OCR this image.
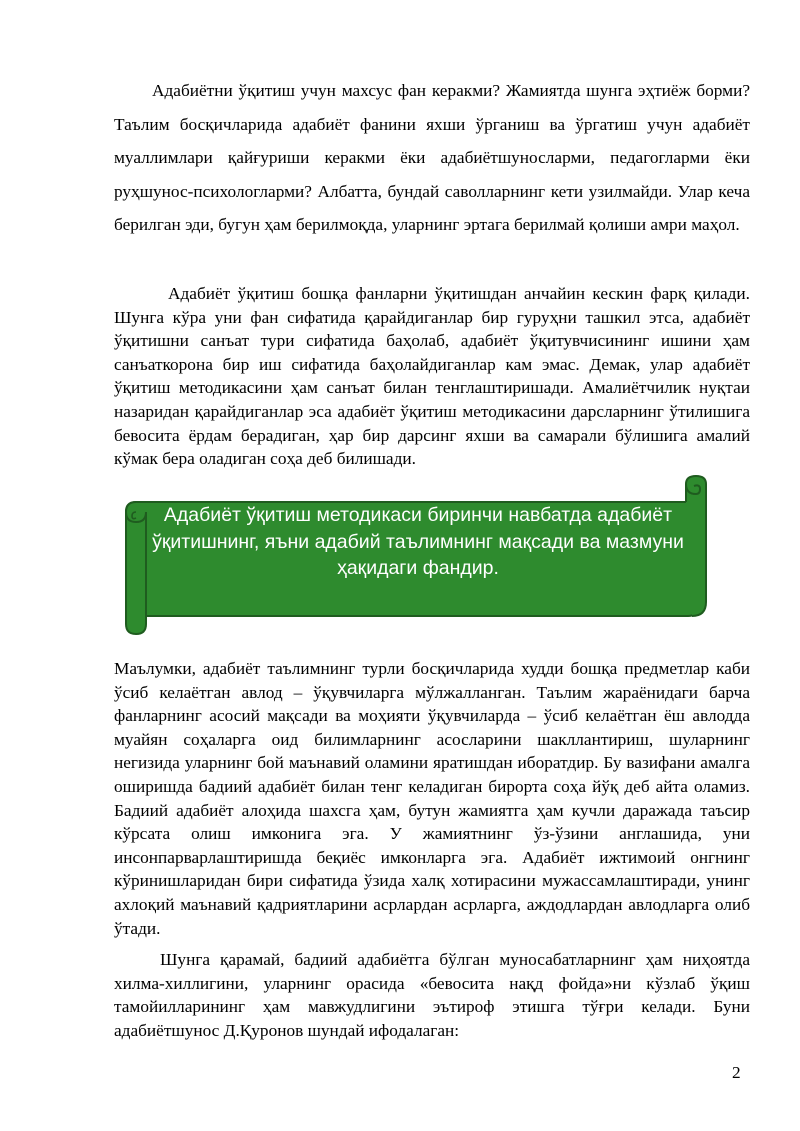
Адабиётни ўқитиш учун махсус фан керакми? Жамиятда шунга эҳтиёж борми? Таълим босқичларида адабиёт фанини яхши ўрганиш ва ўргатиш учун адабиёт муаллимлари қайғуриши керакми ёки адабиётшуносларми, педагогларми ёки руҳшунос-психологларми? Албатта, бундай саволларнинг кети узилмайди. Улар кеча берилган эди, бугун ҳам берилмоқда, уларнинг эртага берилмай қолиши амри маҳол.

Адабиёт ўқитиш бошқа фанларни ўқитишдан анчайин кескин фарқ қилади. Шунга кўра уни фан сифатида қарайдиганлар бир гуруҳни ташкил этса, адабиёт ўқитишни санъат тури сифатида баҳолаб, адабиёт ўқитувчисининг ишини ҳам санъаткорона бир иш сифатида баҳолайдиганлар кам эмас. Демак, улар адабиёт ўқитиш методикасини ҳам санъат билан тенглаштиришади. Амалиётчилик нуқтаи назаридан қарайдиганлар эса адабиёт ўқитиш методикасини дарсларнинг ўтилишига бевосита ёрдам берадиган, ҳар бир дарсинг яхши ва самарали бўлишига амалий кўмак бера оладиган соҳа деб билишади.

Адабиёт ўқитиш методикаси биринчи навбатда адабиёт ўқитишнинг, яъни адабий таълимнинг мақсади ва мазмуни ҳақидаги фандир.

Маълумки, адабиёт таълимнинг турли босқичларида худди бошқа предметлар каби ўсиб келаётган авлод – ўқувчиларга мўлжалланган. Таълим жараёнидаги барча фанларнинг асосий мақсади ва моҳияти ўқувчиларда – ўсиб келаётган ёш авлодда муайян соҳаларга оид билимларнинг асосларини шакллантириш, шуларнинг негизида уларнинг бой маънавий оламини яратишдан иборатдир. Бу вазифани амалга оширишда бадиий адабиёт билан тенг келадиган бирорта соҳа йўқ деб айта оламиз. Бадиий адабиёт алоҳида шахсга ҳам, бутун жамиятга ҳам кучли даражада таъсир кўрсата олиш имконига эга. У жамиятнинг ўз-ўзини англашида, уни инсонпарварлаштиришда беқиёс имконларга эга. Адабиёт ижтимоий онгнинг кўринишларидан бири сифатида ўзида халқ хотирасини мужассамлаштиради, унинг ахлоқий маънавий қадриятларини асрлардан асрларга, аждодлардан авлодларга олиб ўтади.

Шунга қарамай, бадиий адабиётга бўлган муносабатларнинг ҳам ниҳоятда хилма-хиллигини, уларнинг орасида «бевосита нақд фойда»ни кўзлаб ўқиш тамойилларининг ҳам мавжудлигини эътироф этишга тўғри келади. Буни адабиётшунос Д.Қуронов шундай ифодалаган:

2
